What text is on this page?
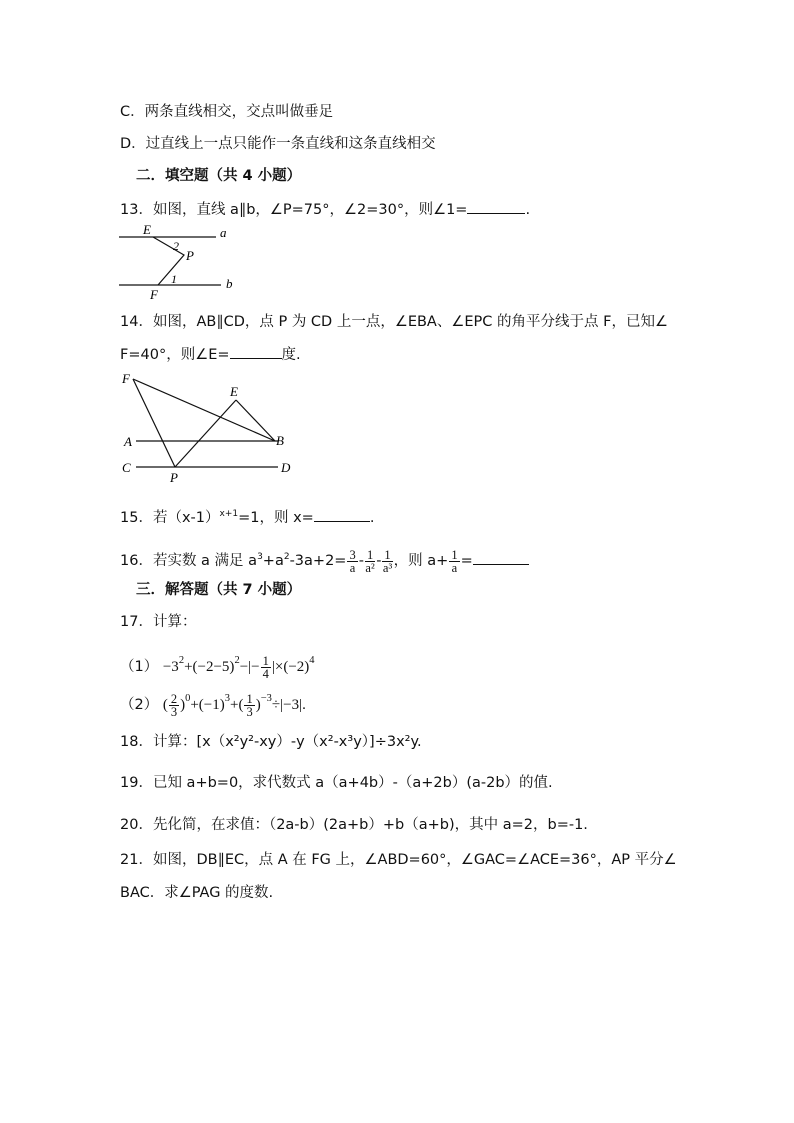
C．两条直线相交，交点叫做垂足
D．过直线上一点只能作一条直线和这条直线相交
二．填空题（共 4 小题）
13．如图，直线 a∥b，∠P=75°，∠2=30°，则∠1=	.
E	a
2
P
1	b
F
14．如图，AB∥CD，点 P 为 CD 上一点，∠EBA、∠EPC 的角平分线于点 F，已知∠
F=40°，则∠E=	度.
F
E
A	B
C
P
D
15．若$(x-1)^{x+1}=1$，则 x=	.
16．若实数 a 满足 $a^3+a^2-3a+2= \frac{3}{a} - \frac{1}{\text{a²}} - \frac{1}{\text{a³}}$ ，则 $a+ \frac{1}{a}$ =
三．解答题（共 7 小题）
17．计算：
$(1) -3^2+(-2-5)^2-|- \frac{1}{4} |\times(-2)^4$
（2） ( $\frac{2}{3} )^0+(-1)^3+( \frac{1}{3} )^{-3}\div|-3|$.
18．计算：[x（x²y²-xy）-y（x²-x³y）]÷3x²y.
19．已知 a+b=0，求代数式 a（a+4b）-（a+2b）(a-2b）的值.
20．先化简，在求值：（2a-b）(2a+b）+b（a+b)，其中 a=2，b=-1.
21．如图，DB∥EC，点 A 在 FG 上，∠ABD=60°，∠GAC=∠ACE=36°，AP 平分∠
BAC．求∠PAG 的度数.
